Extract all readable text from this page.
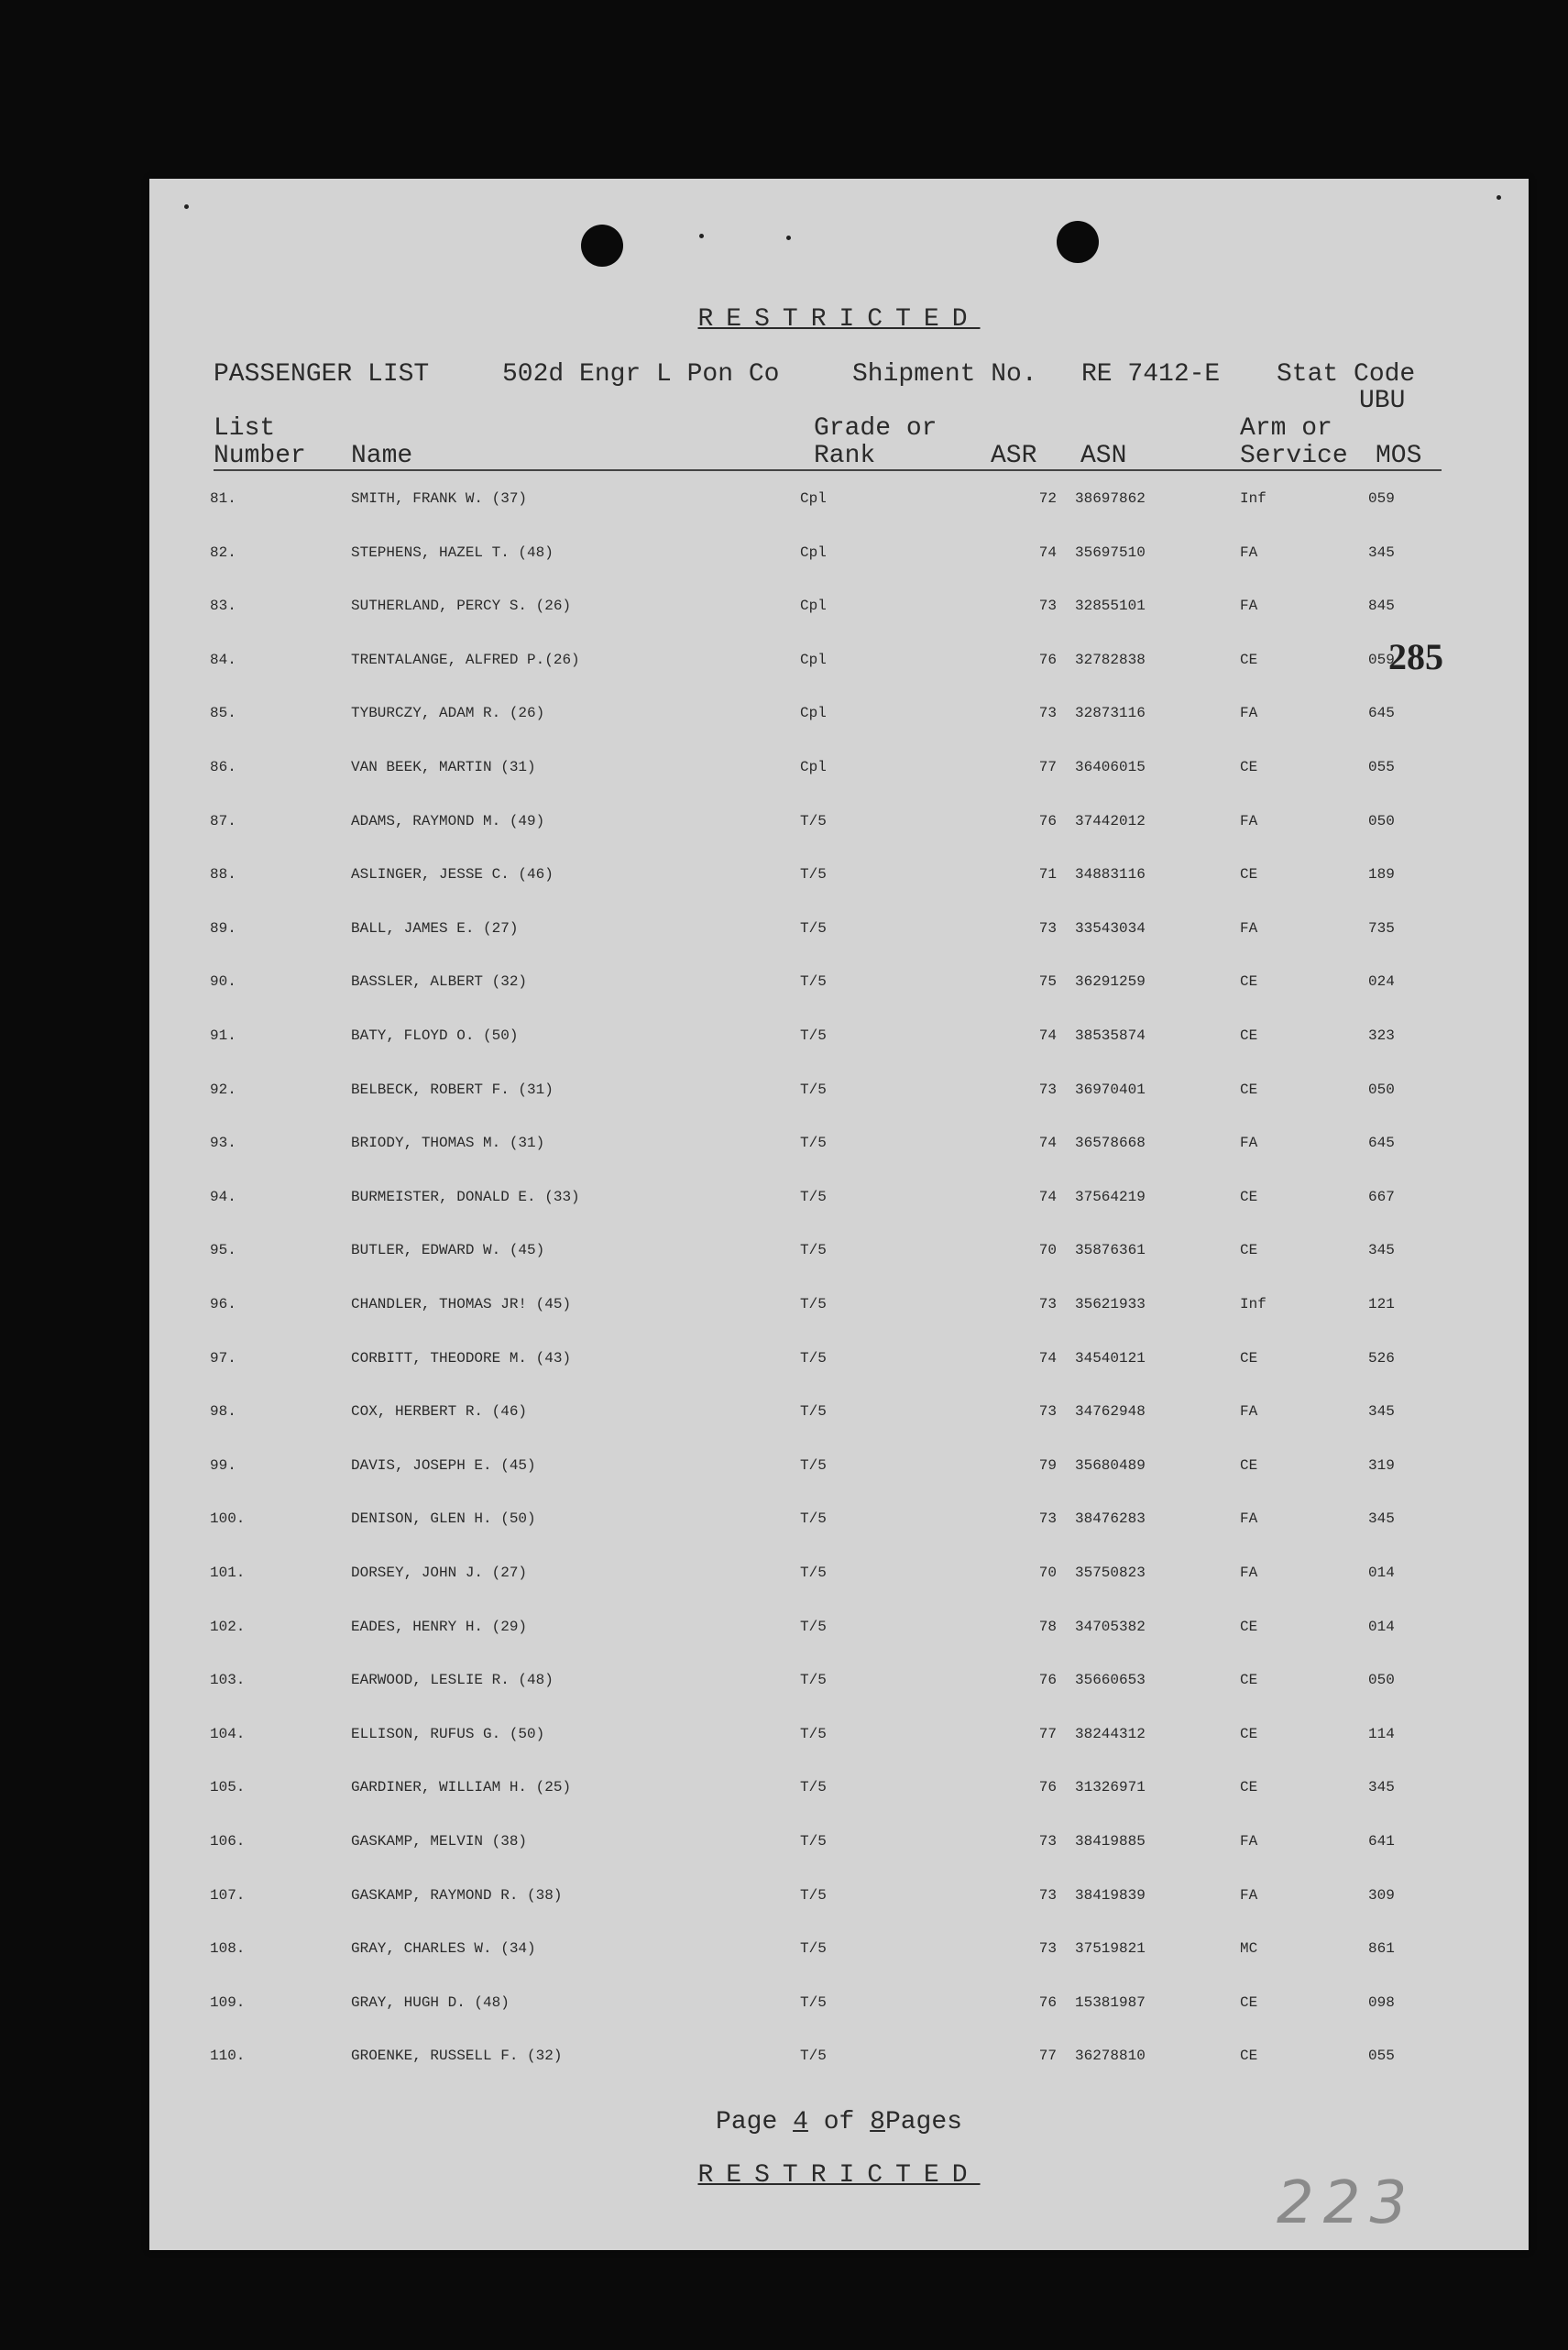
RESTRICTED

PASSENGER LIST

	502d Engr L Pon Co

	Shipment No.

RE 7412-E

Stat Code

UBU
List
Number Name
Grade or
Rank	ASR ASN
Arm or
Service MOS
81.	SMITH, FRANK W. (37)	Cpl	72 38697862	Inf	059
82.	STEPHENS, HAZEL T. (48)	Cpl	74 35697510	FA	345
83.	SUTHERLAND, PERCY S. (26)	Cpl	73 32855101	FA	845
84.	TRENTALANGE, ALFRED P.(26)	Cpl	76 32782838	CE	059
85.	TYBURCZY, ADAM R. (26)	Cpl	73 32873116	FA	645
86.	VAN BEEK, MARTIN (31)	Cpl	77 36406015	CE	055
87.	ADAMS, RAYMOND M. (49)	T/5	76 37442012	FA	050
88.	ASLINGER, JESSE C. (46)	T/5	71 34883116	CE	189
89.	BALL, JAMES E. (27)	T/5	73 33543034	FA	735
90.	BASSLER, ALBERT (32)	T/5	75 36291259	CE	024
91.	BATY, FLOYD O. (50)	T/5	74 38535874	CE	323
92.	BELBECK, ROBERT F. (31)	T/5	73 36970401	CE	050
93.	BRIODY, THOMAS M. (31)	T/5	74 36578668	FA	645
94.	BURMEISTER, DONALD E. (33)	T/5	74 37564219	CE	667
95.	BUTLER, EDWARD W. (45)	T/5	70 35876361	CE	345
96.	CHANDLER, THOMAS JR! (45)	T/5	73 35621933	Inf	121
97.	CORBITT, THEODORE M. (43)	T/5	74 34540121	CE	526
98.	COX, HERBERT R. (46)	T/5	73 34762948	FA	345
99.	DAVIS, JOSEPH E. (45)	T/5	79 35680489	CE	319
100.	DENISON, GLEN H. (50)	T/5	73 38476283	FA	345
101.	DORSEY, JOHN J. (27)	T/5	70 35750823	FA	014
102.	EADES, HENRY H. (29)	T/5	78 34705382	CE	014
103.	EARWOOD, LESLIE R. (48)	T/5	76 35660653	CE	050
104.	ELLISON, RUFUS G. (50)	T/5	77 38244312	CE	114
105.	GARDINER, WILLIAM H. (25)	T/5	76 31326971	CE	345
106.	GASKAMP, MELVIN (38)	T/5	73 38419885	FA	641
107.	GASKAMP, RAYMOND R. (38)	T/5	73 38419839	FA	309
108.	GRAY, CHARLES W. (34)	T/5	73 37519821	MC	861
109.	GRAY, HUGH D. (48)	T/5	76 15381987	CE	098
110.	GROENKE, RUSSELL F. (32)	T/5	77 36278810	CE	055
285
Page 4 of 8Pages
RESTRICTED	223
